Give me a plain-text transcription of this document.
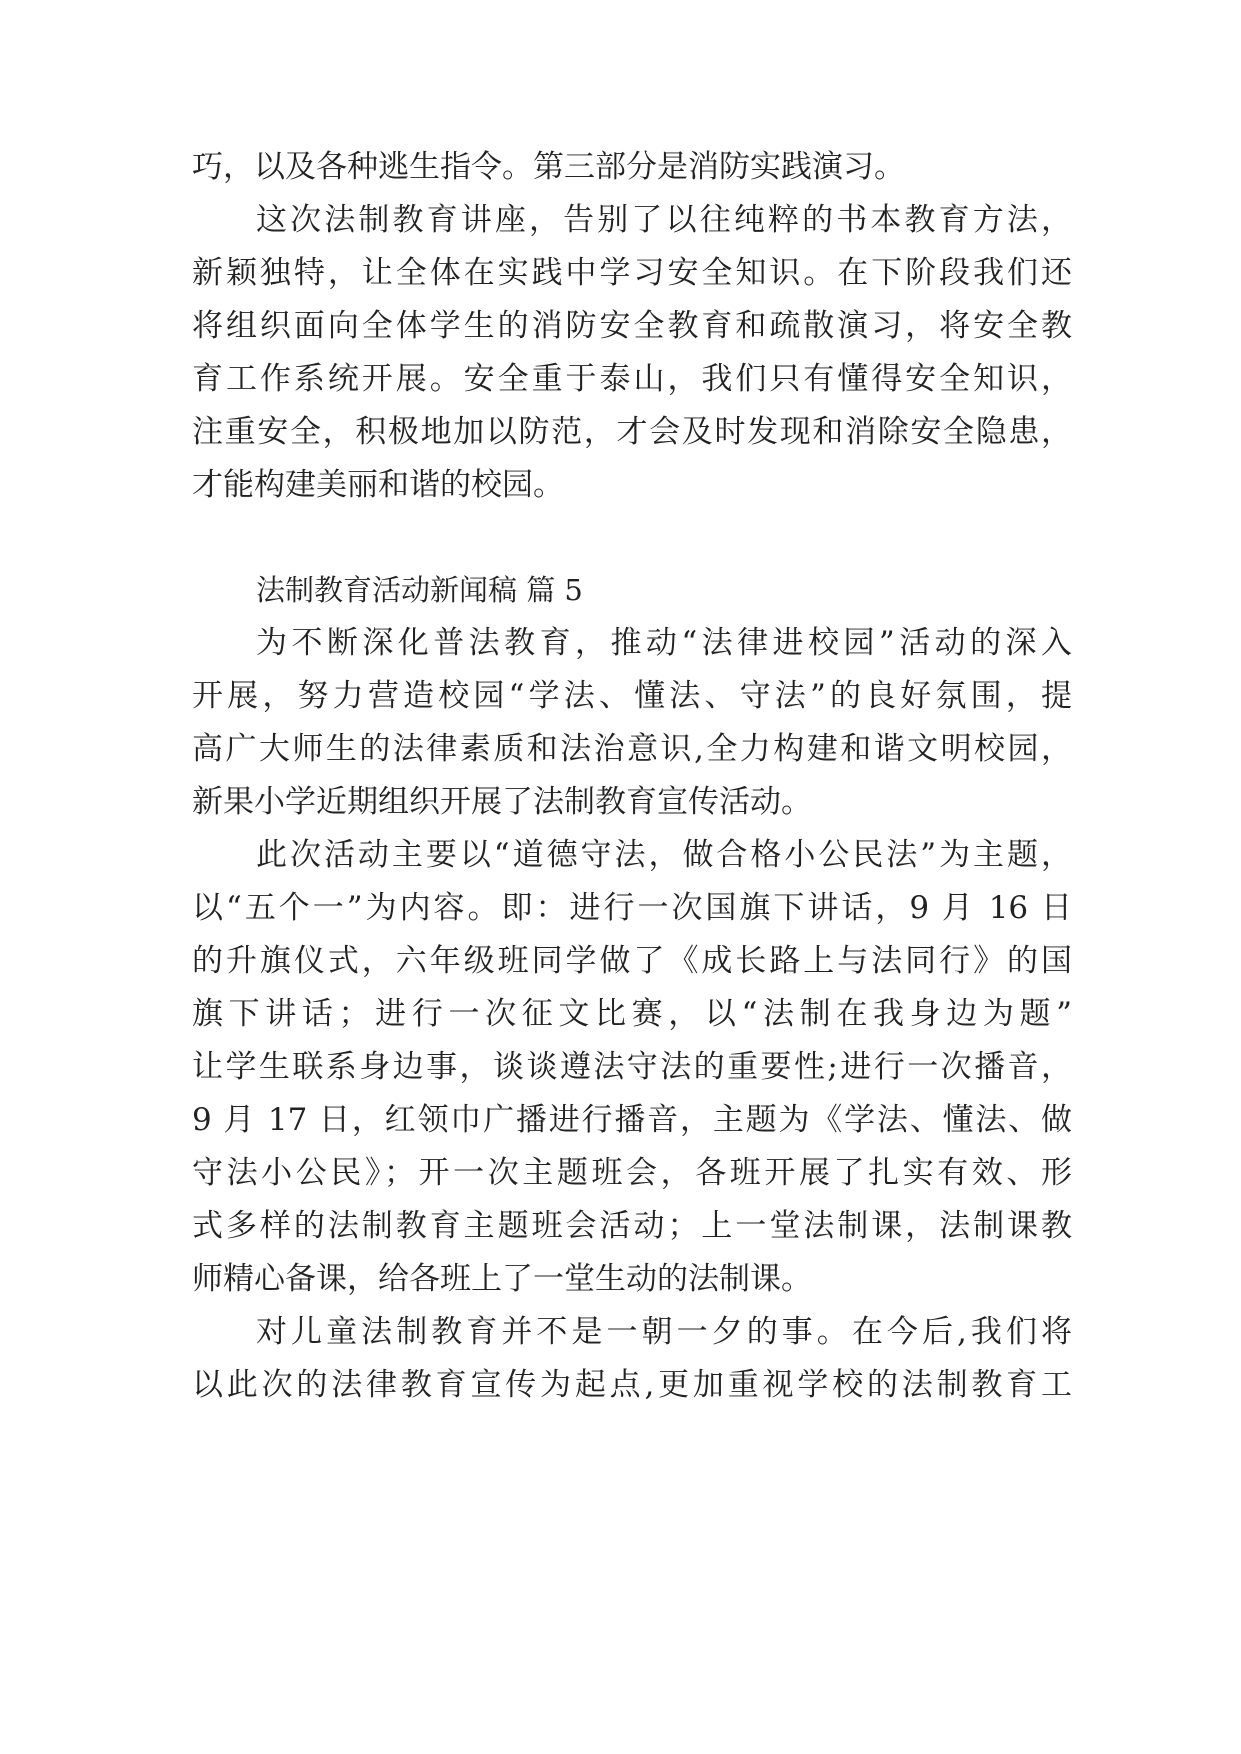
巧，以及各种逃生指令。第三部分是消防实践演习。
这次法制教育讲座，告别了以往纯粹的书本教育方法，
新颖独特，让全体在实践中学习安全知识。在下阶段我们还
将组织面向全体学生的消防安全教育和疏散演习，将安全教
育工作系统开展。安全重于泰山，我们只有懂得安全知识，
注重安全，积极地加以防范，才会及时发现和消除安全隐患，
才能构建美丽和谐的校园。
法制教育活动新闻稿 篇 5
为不断深化普法教育，推动“法律进校园”活动的深入
开展，努力营造校园“学法、懂法、守法”的良好氛围，提
高广大师生的法律素质和法治意识,全力构建和谐文明校园，
新果小学近期组织开展了法制教育宣传活动。
此次活动主要以“道德守法，做合格小公民法”为主题，
以“五个一”为内容。即：进行一次国旗下讲话，9 月 16 日
的升旗仪式，六年级班同学做了《成长路上与法同行》的国
旗下讲话；进行一次征文比赛，以“法制在我身边为题”
让学生联系身边事，谈谈遵法守法的重要性;进行一次播音，
9 月 17 日，红领巾广播进行播音，主题为《学法、懂法、做
守法小公民》；开一次主题班会，各班开展了扎实有效、形
式多样的法制教育主题班会活动；上一堂法制课，法制课教
师精心备课，给各班上了一堂生动的法制课。
对儿童法制教育并不是一朝一夕的事。在今后,我们将
以此次的法律教育宣传为起点,更加重视学校的法制教育工
